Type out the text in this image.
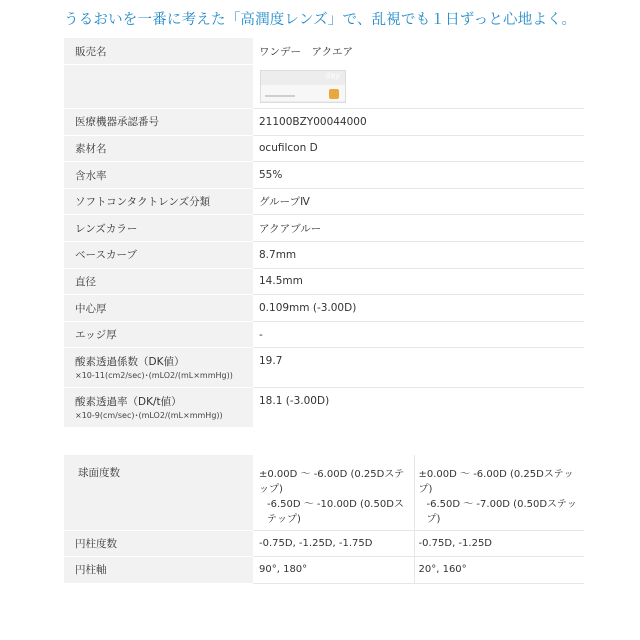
うるおいを一番に考えた「高潤度レンズ」で、乱視でも１日ずっと心地よく。
販売名	ワンデー　アクエア

	day

医療機器承認番号	21100BZY00044000
素材名	ocufilcon D
含水率	55%
ソフトコンタクトレンズ分類	グループⅣ
レンズカラー	アクアブルー
ベースカーブ	8.7mm
直径	14.5mm
中心厚	0.109mm (-3.00D)
エッジ厚	-
酸素透過係数（DK値）
×10-11(cm2/sec)･(mLO2/(mL×mmHg))	19.7
酸素透過率（DK/t値）
×10-9(cm/sec)･(mLO2/(mL×mmHg))	18.1 (-3.00D)
球面度数	±0.00D ～ -6.00D (0.25Dステップ)
-6.50D ～ -10.00D (0.50Dステップ)	±0.00D ～ -6.00D (0.25Dステップ)
-6.50D ～ -7.00D (0.50Dステップ)

円柱度数	-0.75D, -1.25D, -1.75D	-0.75D, -1.25D
円柱軸	90°, 180°	20°, 160°
